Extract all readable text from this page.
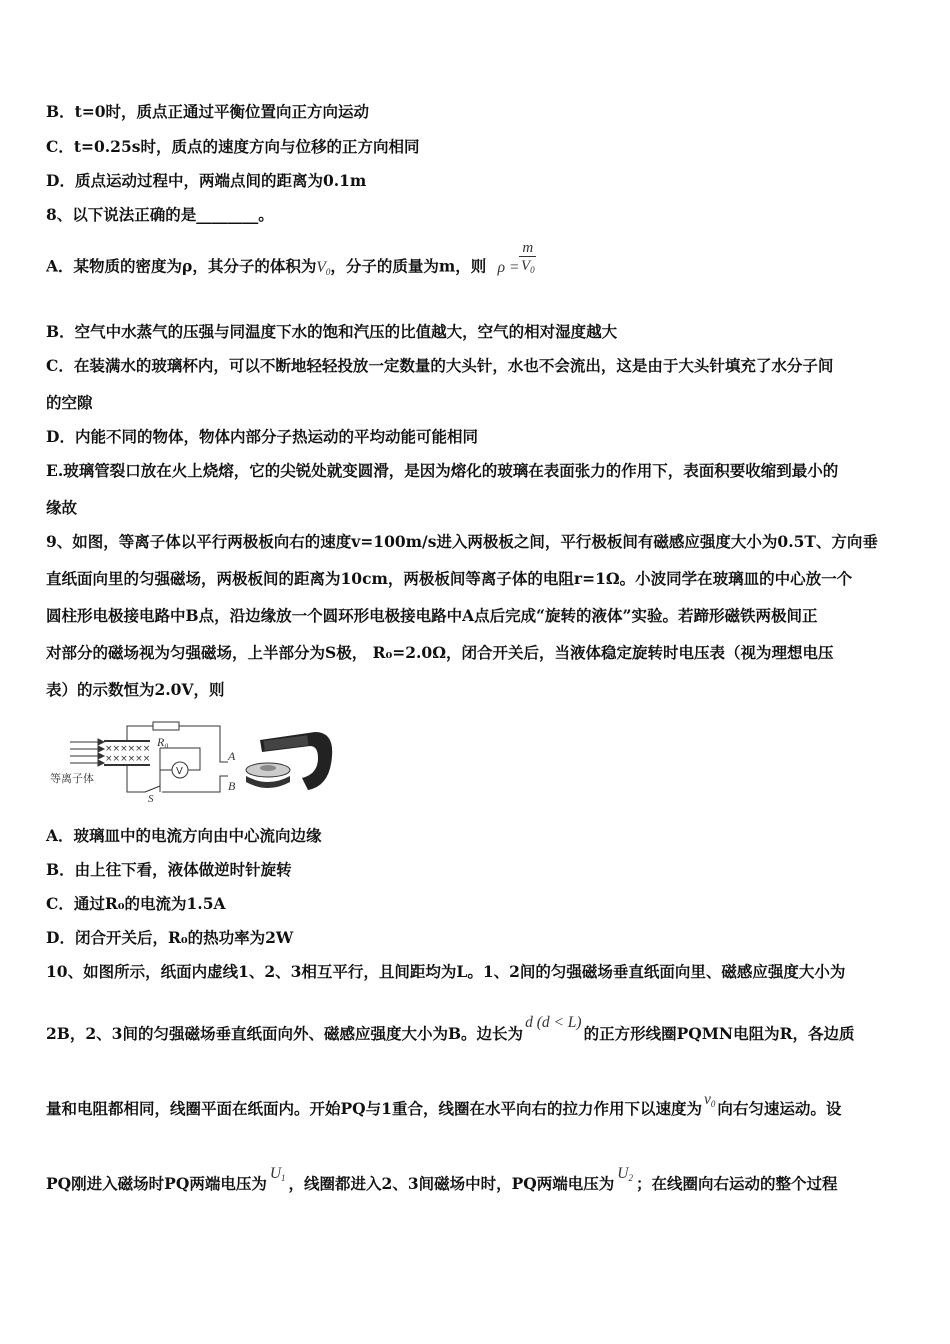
B．t=0时，质点正通过平衡位置向正方向运动
C．t=0.25s时，质点的速度方向与位移的正方向相同
D．质点运动过程中，两端点间的距离为0.1m
8、以下说法正确的是________。
A．某物质的密度为ρ，其分子的体积为$V_0$，分子的质量为m，则 $\rho = \frac{m}{V_0}$
B．空气中水蒸气的压强与同温度下水的饱和汽压的比值越大，空气的相对湿度越大
C．在装满水的玻璃杯内，可以不断地轻轻投放一定数量的大头针，水也不会流出，这是由于大头针填充了水分子间
的空隙
D．内能不同的物体，物体内部分子热运动的平均动能可能相同
E.玻璃管裂口放在火上烧熔，它的尖锐处就变圆滑，是因为熔化的玻璃在表面张力的作用下，表面积要收缩到最小的
缘故
9、如图，等离子体以平行两极板向右的速度v=100m/s进入两极板之间，平行极板间有磁感应强度大小为0.5T、方向垂
直纸面向里的匀强磁场，两极板间的距离为10cm，两极板间等离子体的电阻r=1Ω。小波同学在玻璃皿的中心放一个
圆柱形电极接电路中B点，沿边缘放一个圆环形电极接电路中A点后完成“旋转的液体”实验。若蹄形磁铁两极间正
对部分的磁场视为匀强磁场，上半部分为S极， R₀=2.0Ω，闭合开关后，当液体稳定旋转时电压表（视为理想电压
表）的示数恒为2.0V，则
××××××
××××××
等离子体
R₀
V
A
B
S
A．玻璃皿中的电流方向由中心流向边缘
B．由上往下看，液体做逆时针旋转
C．通过R₀的电流为1.5A
D．闭合开关后，R₀的热功率为2W
10、如图所示，纸面内虚线1、2、3相互平行，且间距均为L。1、2间的匀强磁场垂直纸面向里、磁感应强度大小为
2B，2、3间的匀强磁场垂直纸面向外、磁感应强度大小为B。边长为d (d < L)的正方形线圈PQMN电阻为R，各边质
量和电阻都相同，线圈平面在纸面内。开始PQ与1重合，线圈在水平向右的拉力作用下以速度为 $v_0$ 向右匀速运动。设
PQ刚进入磁场时PQ两端电压为$U_1$ ，线圈都进入2、3间磁场中时，PQ两端电压为$U_2$ ；在线圈向右运动的整个过程
